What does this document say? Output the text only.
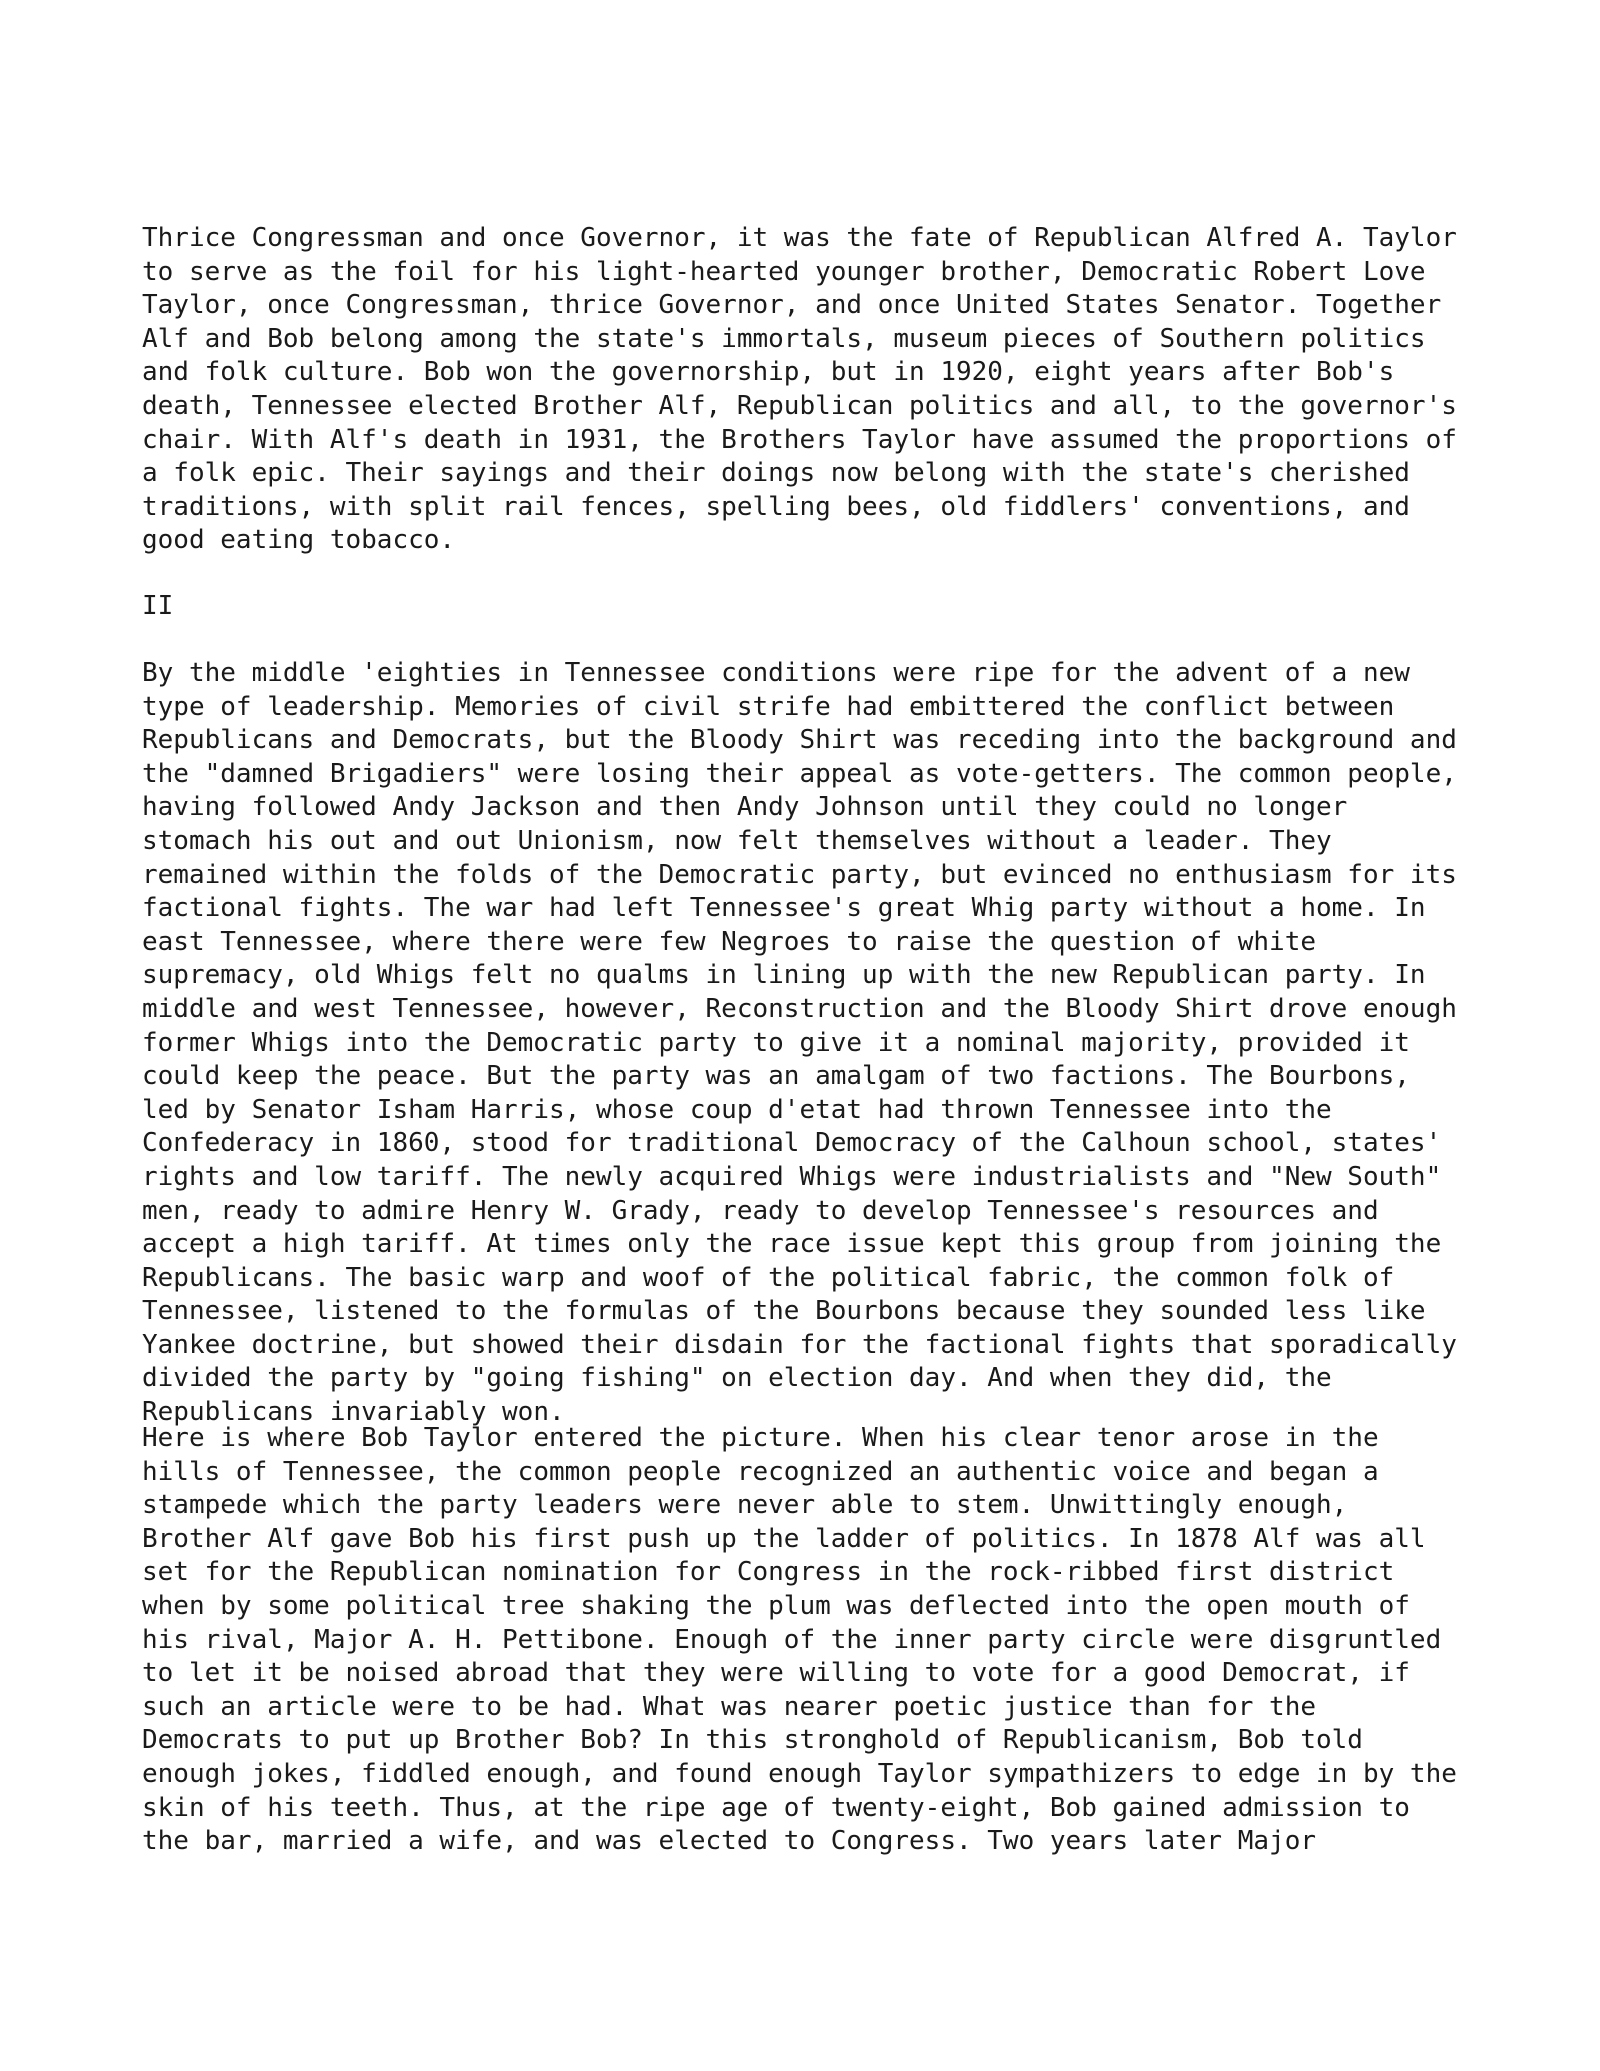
Thrice Congressman and once Governor, it was the fate of Republican Alfred A. Taylor
to serve as the foil for his light-hearted younger brother, Democratic Robert Love
Taylor, once Congressman, thrice Governor, and once United States Senator. Together
Alf and Bob belong among the state's immortals, museum pieces of Southern politics
and folk culture. Bob won the governorship, but in 1920, eight years after Bob's
death, Tennessee elected Brother Alf, Republican politics and all, to the governor's
chair. With Alf's death in 1931, the Brothers Taylor have assumed the proportions of
a folk epic. Their sayings and their doings now belong with the state's cherished
traditions, with split rail fences, spelling bees, old fiddlers' conventions, and
good eating tobacco.

II

By the middle 'eighties in Tennessee conditions were ripe for the advent of a new
type of leadership. Memories of civil strife had embittered the conflict between
Republicans and Democrats, but the Bloody Shirt was receding into the background and
the "damned Brigadiers" were losing their appeal as vote-getters. The common people,
having followed Andy Jackson and then Andy Johnson until they could no longer
stomach his out and out Unionism, now felt themselves without a leader. They
remained within the folds of the Democratic party, but evinced no enthusiasm for its
factional fights. The war had left Tennessee's great Whig party without a home. In
east Tennessee, where there were few Negroes to raise the question of white
supremacy, old Whigs felt no qualms in lining up with the new Republican party. In
middle and west Tennessee, however, Reconstruction and the Bloody Shirt drove enough
former Whigs into the Democratic party to give it a nominal majority, provided it
could keep the peace. But the party was an amalgam of two factions. The Bourbons,
led by Senator Isham Harris, whose coup d'etat had thrown Tennessee into the
Confederacy in 1860, stood for traditional Democracy of the Calhoun school, states'
rights and low tariff. The newly acquired Whigs were industrialists and "New South"
men, ready to admire Henry W. Grady, ready to develop Tennessee's resources and
accept a high tariff. At times only the race issue kept this group from joining the
Republicans. The basic warp and woof of the political fabric, the common folk of
Tennessee, listened to the formulas of the Bourbons because they sounded less like
Yankee doctrine, but showed their disdain for the factional fights that sporadically
divided the party by "going fishing" on election day. And when they did, the
Republicans invariably won.

Here is where Bob Taylor entered the picture. When his clear tenor arose in the
hills of Tennessee, the common people recognized an authentic voice and began a
stampede which the party leaders were never able to stem. Unwittingly enough,
Brother Alf gave Bob his first push up the ladder of politics. In 1878 Alf was all
set for the Republican nomination for Congress in the rock-ribbed first district
when by some political tree shaking the plum was deflected into the open mouth of
his rival, Major A. H. Pettibone. Enough of the inner party circle were disgruntled
to let it be noised abroad that they were willing to vote for a good Democrat, if
such an article were to be had. What was nearer poetic justice than for the
Democrats to put up Brother Bob? In this stronghold of Republicanism, Bob told
enough jokes, fiddled enough, and found enough Taylor sympathizers to edge in by the
skin of his teeth. Thus, at the ripe age of twenty-eight, Bob gained admission to
the bar, married a wife, and was elected to Congress. Two years later Major
